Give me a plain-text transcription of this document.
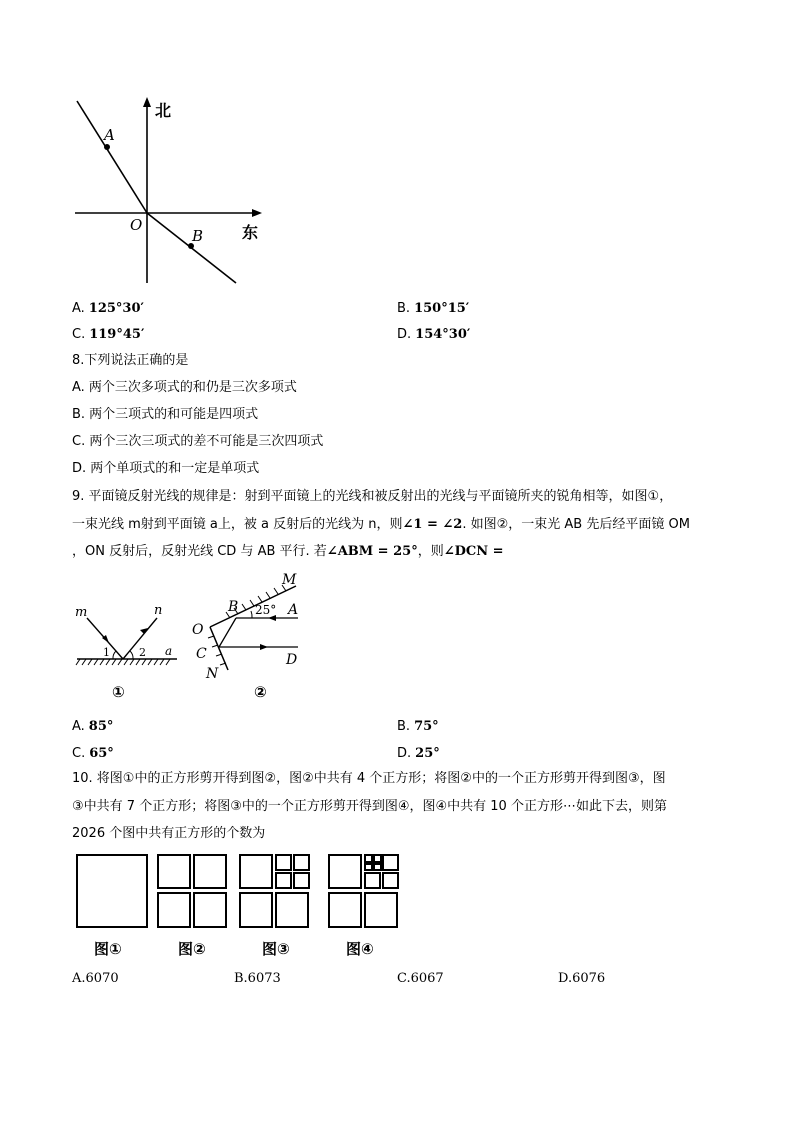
A
B
O
北
东
A. 125°30′	B. 150°15′
C. 119°45′	D. 154°30′
8.下列说法正确的是
A. 两个三次多项式的和仍是三次多项式
B. 两个三项式的和可能是四项式
C. 两个三次三项式的差不可能是三次四项式
D. 两个单项式的和一定是单项式
9. 平面镜反射光线的规律是：射到平面镜上的光线和被反射出的光线与平面镜所夹的锐角相等，如图①，
一束光线 m射到平面镜 a上，被 a 反射后的光线为 n，则∠1 = ∠2. 如图②，一束光 AB 先后经平面镜 OM
，ON 反射后，反射光线 CD 与 AB 平行. 若∠ABM = 25°，则∠DCN =
m	n
1	2 a
①
M
B 25° A
O
C	D
N
②
A. 85°	B. 75°
C. 65°	D. 25°
10. 将图①中的正方形剪开得到图②，图②中共有 4 个正方形；将图②中的一个正方形剪开得到图③，图
③中共有 7 个正方形；将图③中的一个正方形剪开得到图④，图④中共有 10 个正方形⋯如此下去，则第
2026 个图中共有正方形的个数为
图①	图②	图③	图④
A.6070	B.6073	C.6067	D.6076
